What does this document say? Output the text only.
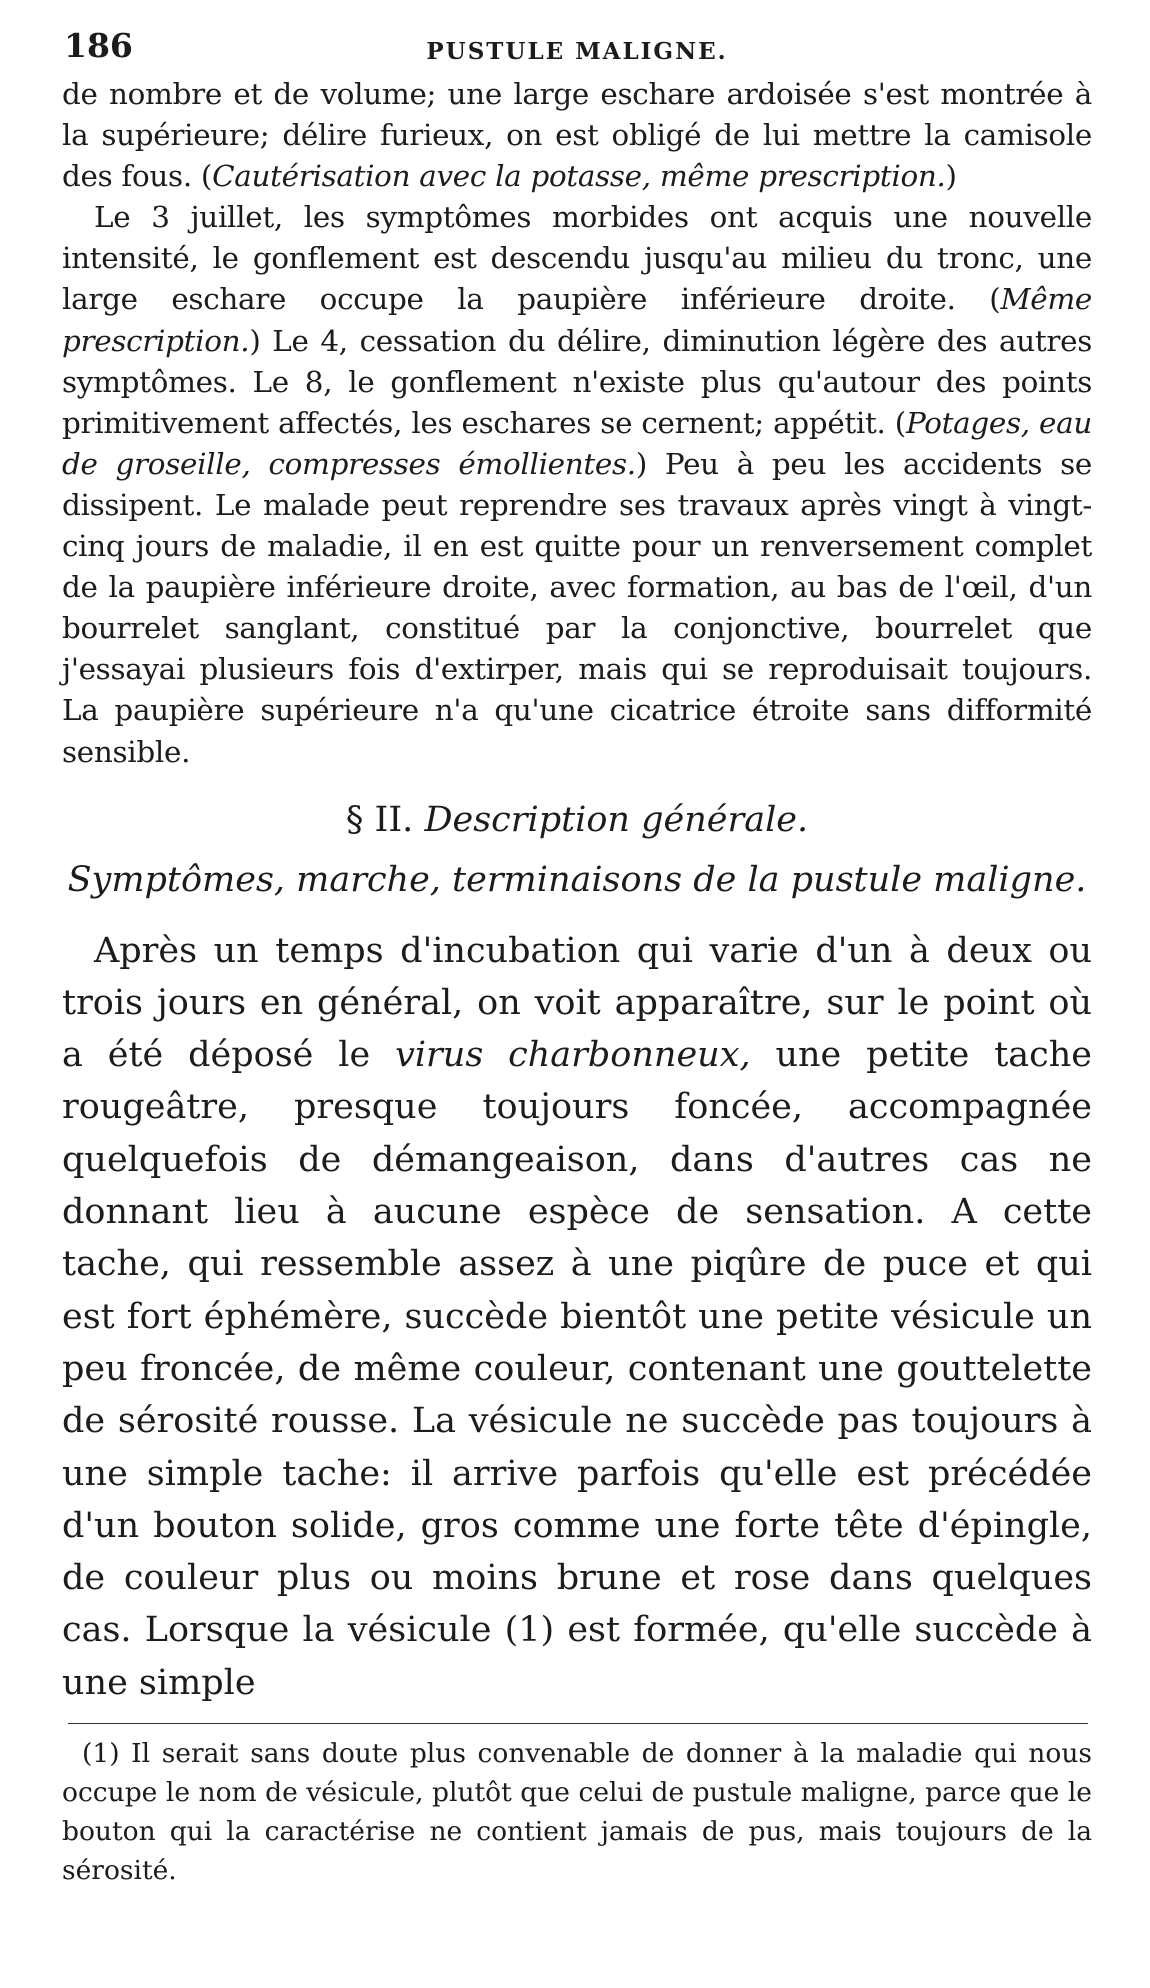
186	PUSTULE MALIGNE.

de nombre et de volume; une large eschare ardoisée s'est montrée à la supérieure; délire furieux, on est obligé de lui mettre la camisole des fous. (Cautérisation avec la potasse, même prescription.)

Le 3 juillet, les symptômes morbides ont acquis une nouvelle intensité, le gonflement est descendu jusqu'au milieu du tronc, une large eschare occupe la paupière inférieure droite. (Même prescription.) Le 4, cessation du délire, diminution légère des autres symptômes. Le 8, le gonflement n'existe plus qu'autour des points primitivement affectés, les eschares se cernent; appétit. (Potages, eau de groseille, compresses émollientes.) Peu à peu les accidents se dissipent. Le malade peut reprendre ses travaux après vingt à vingt-cinq jours de maladie, il en est quitte pour un renversement complet de la paupière inférieure droite, avec formation, au bas de l'œil, d'un bourrelet sanglant, constitué par la conjonctive, bourrelet que j'essayai plusieurs fois d'extirper, mais qui se reproduisait toujours. La paupière supérieure n'a qu'une cicatrice étroite sans difformité sensible.

§ II. Description générale.
Symptômes, marche, terminaisons de la pustule maligne.

Après un temps d'incubation qui varie d'un à deux ou trois jours en général, on voit apparaître, sur le point où a été déposé le virus charbonneux, une petite tache rougeâtre, presque toujours foncée, accompagnée quelquefois de démangeaison, dans d'autres cas ne donnant lieu à aucune espèce de sensation. A cette tache, qui ressemble assez à une piqûre de puce et qui est fort éphémère, succède bientôt une petite vésicule un peu froncée, de même couleur, contenant une gouttelette de sérosité rousse. La vésicule ne succède pas toujours à une simple tache: il arrive parfois qu'elle est précédée d'un bouton solide, gros comme une forte tête d'épingle, de couleur plus ou moins brune et rose dans quelques cas. Lorsque la vésicule (1) est formée, qu'elle succède à une simple

(1) Il serait sans doute plus convenable de donner à la maladie qui nous occupe le nom de vésicule, plutôt que celui de pustule maligne, parce que le bouton qui la caractérise ne contient jamais de pus, mais toujours de la sérosité.
